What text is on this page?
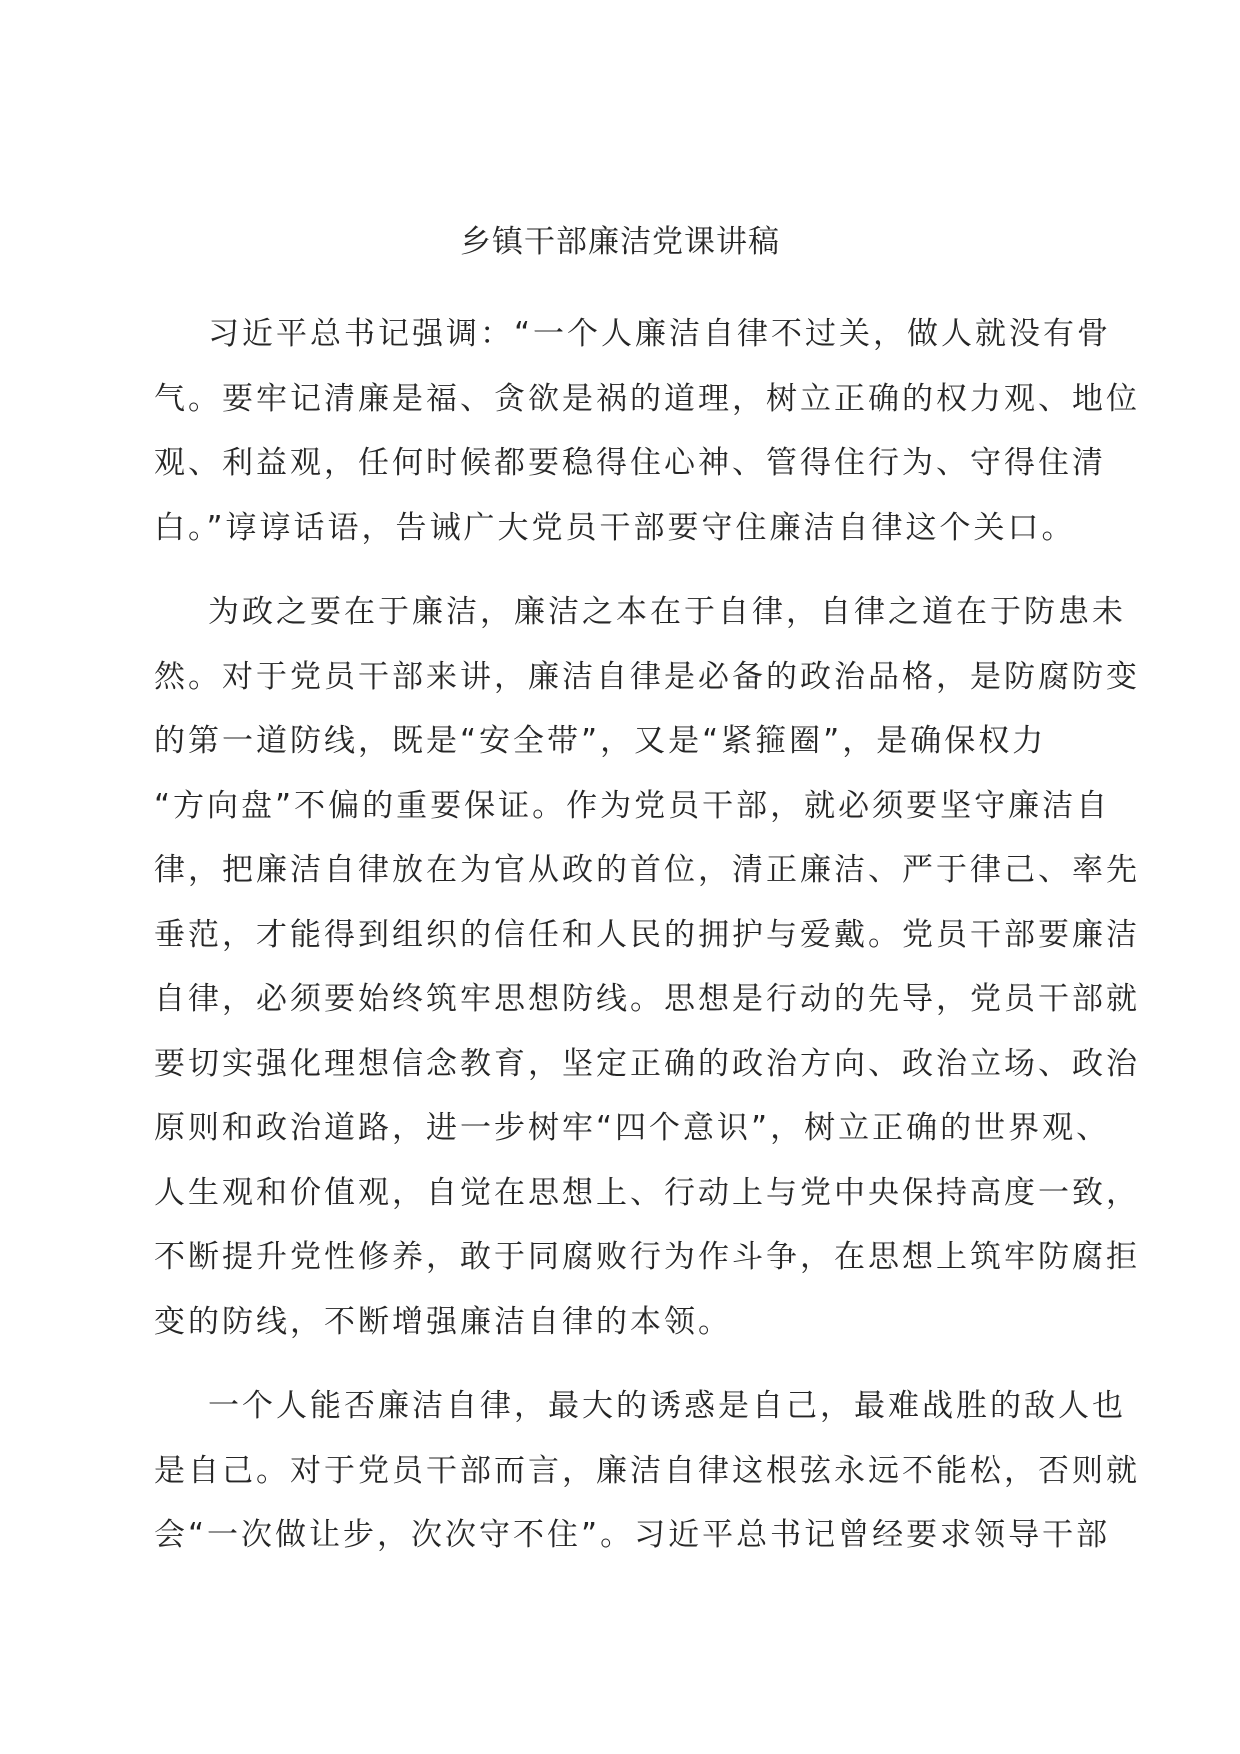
乡镇干部廉洁党课讲稿
习近平总书记强调：“一个人廉洁自律不过关，做人就没有骨
气。要牢记清廉是福、贪欲是祸的道理，树立正确的权力观、地位
观、利益观，任何时候都要稳得住心神、管得住行为、守得住清
白。”谆谆话语，告诫广大党员干部要守住廉洁自律这个关口。
为政之要在于廉洁，廉洁之本在于自律，自律之道在于防患未
然。对于党员干部来讲，廉洁自律是必备的政治品格，是防腐防变
的第一道防线，既是“安全带”，又是“紧箍圈”，是确保权力
“方向盘”不偏的重要保证。作为党员干部，就必须要坚守廉洁自
律，把廉洁自律放在为官从政的首位，清正廉洁、严于律己、率先
垂范，才能得到组织的信任和人民的拥护与爱戴。党员干部要廉洁
自律，必须要始终筑牢思想防线。思想是行动的先导，党员干部就
要切实强化理想信念教育，坚定正确的政治方向、政治立场、政治
原则和政治道路，进一步树牢“四个意识”，树立正确的世界观、
人生观和价值观，自觉在思想上、行动上与党中央保持高度一致，
不断提升党性修养，敢于同腐败行为作斗争，在思想上筑牢防腐拒
变的防线，不断增强廉洁自律的本领。
一个人能否廉洁自律，最大的诱惑是自己，最难战胜的敌人也
是自己。对于党员干部而言，廉洁自律这根弦永远不能松，否则就
会“一次做让步，次次守不住”。习近平总书记曾经要求领导干部
